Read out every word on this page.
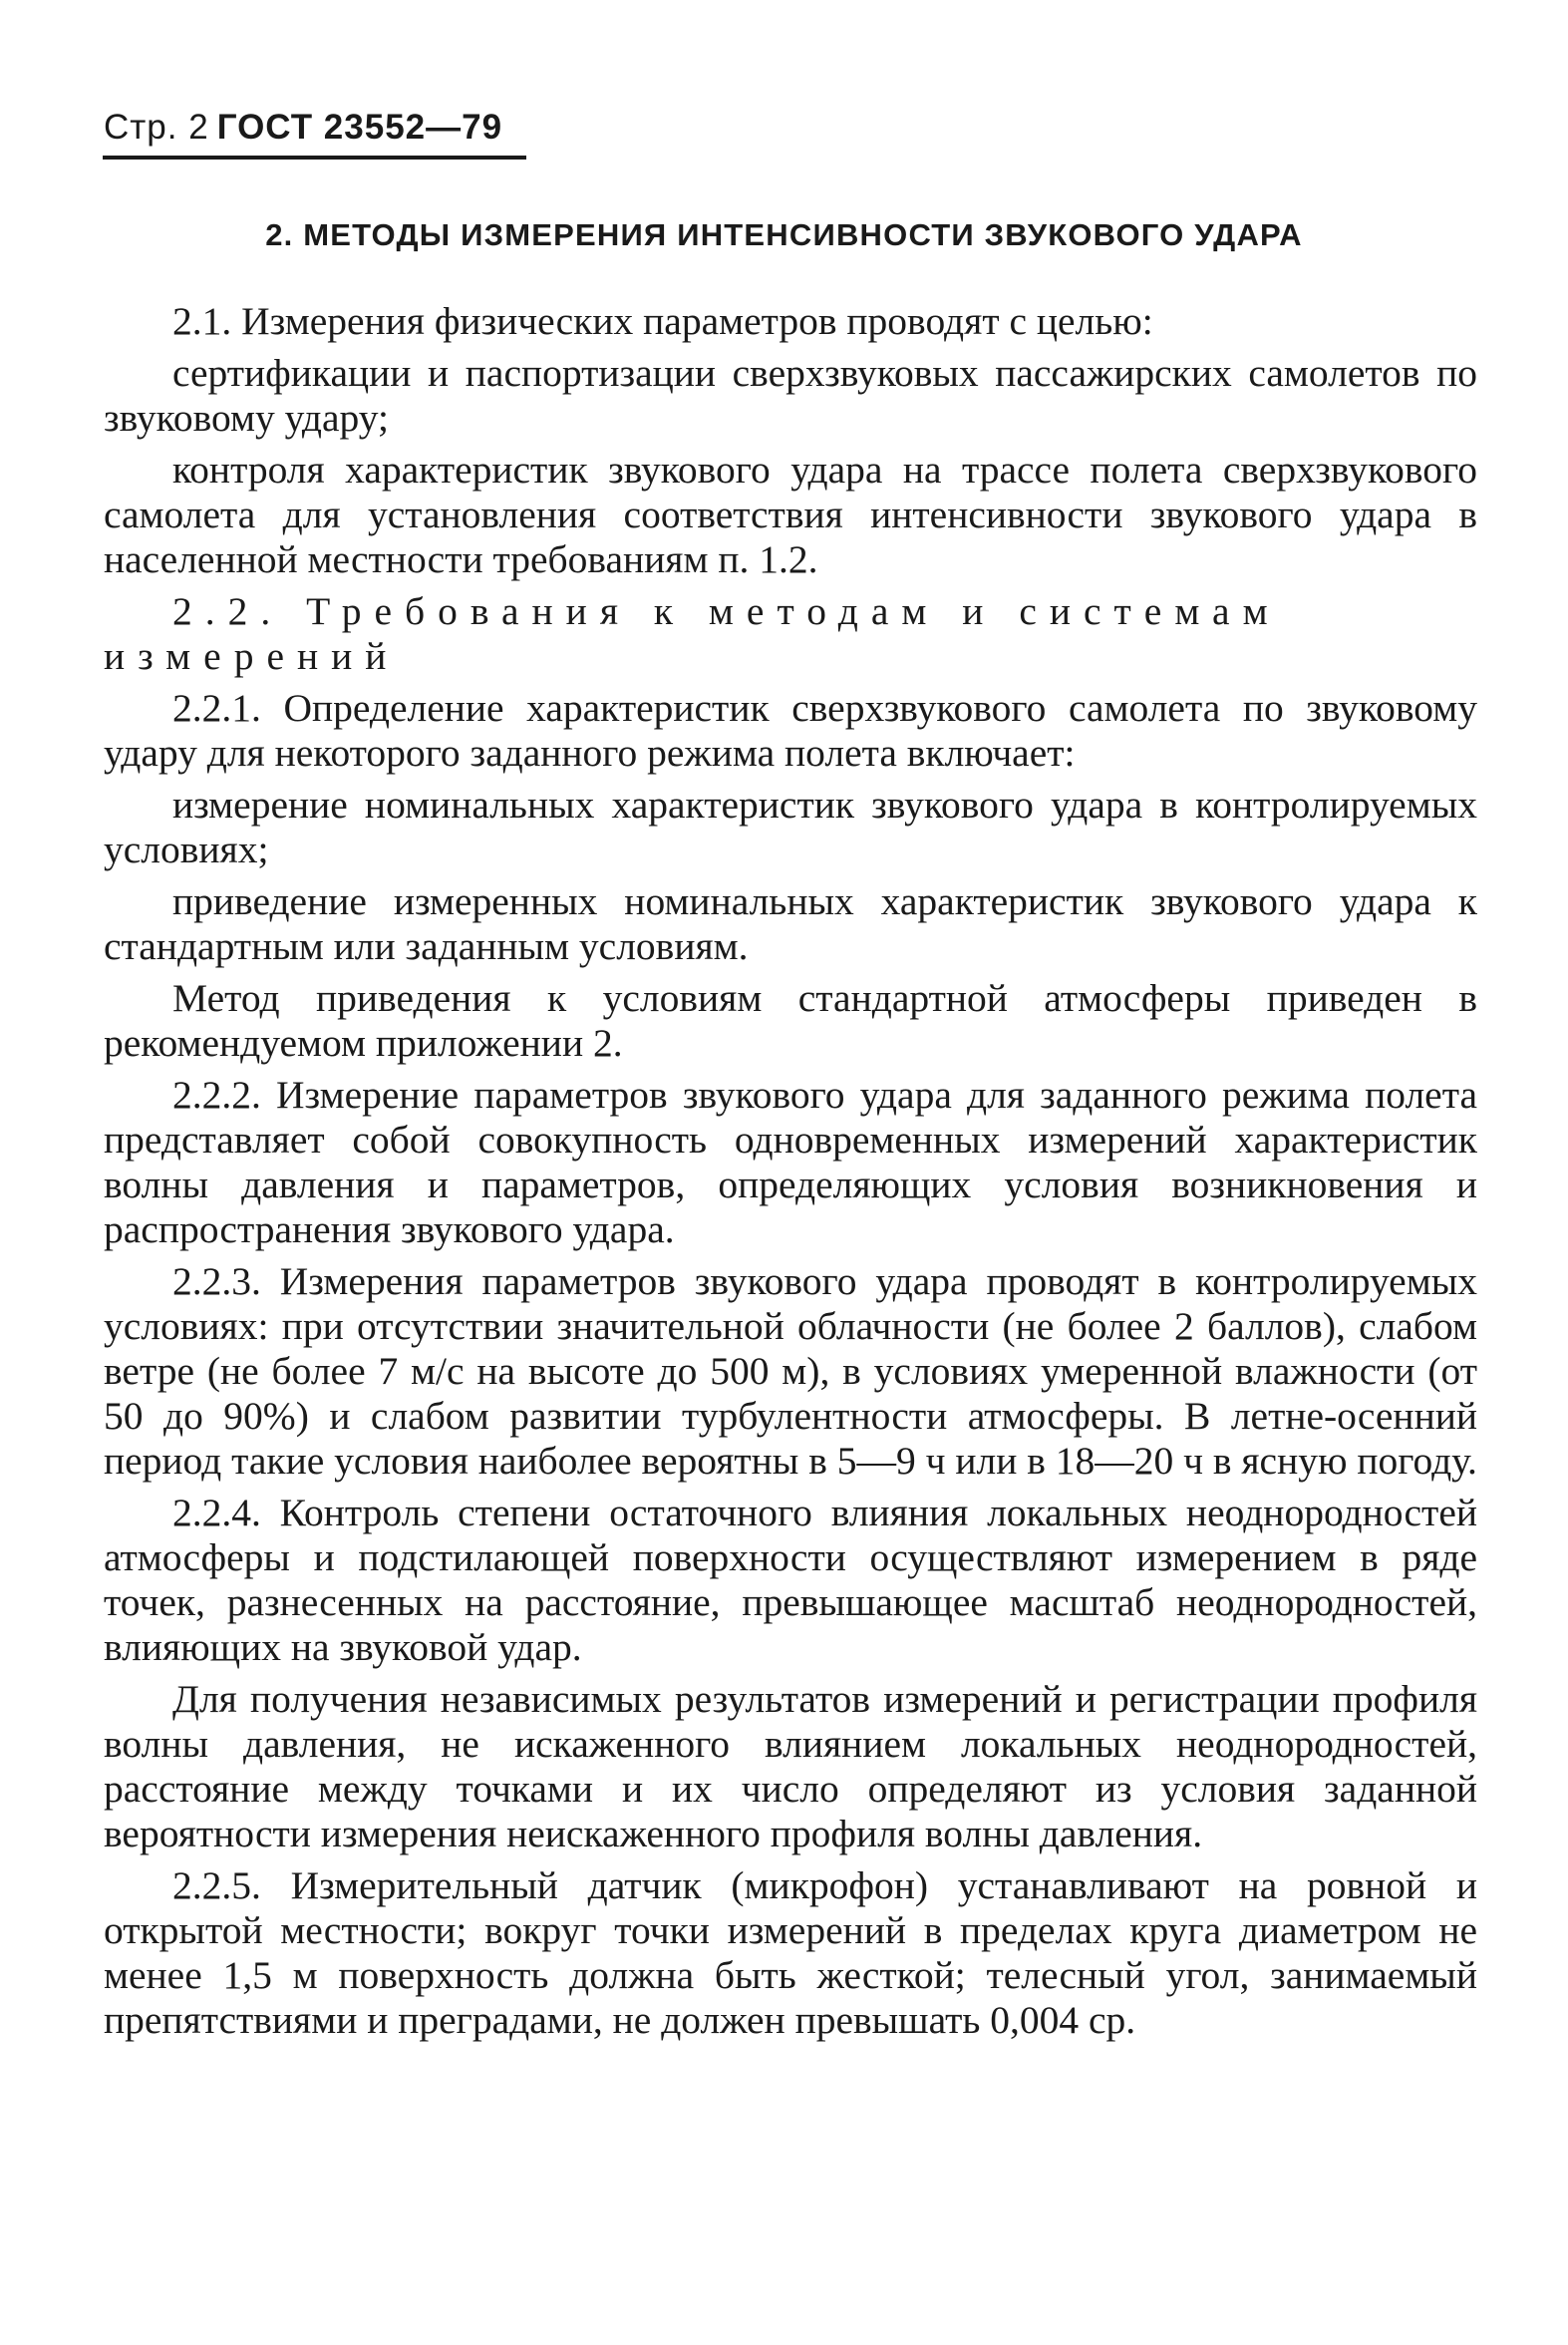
Стр. 2 ГОСТ 23552—79
2. МЕТОДЫ ИЗМЕРЕНИЯ ИНТЕНСИВНОСТИ ЗВУКОВОГО УДАРА

2.1. Измерения физических параметров проводят с целью:

сертификации и паспортизации сверхзвуковых пассажирских самолетов по звуковому удару;

контроля характеристик звукового удара на трассе полета сверхзвукового самолета для установления соответствия интенсивности звукового удара в населенной местности требованиям п. 1.2.

2.2. Требования к методам и системам измерений

2.2.1. Определение характеристик сверхзвукового самолета по звуковому удару для некоторого заданного режима полета включает:

измерение номинальных характеристик звукового удара в контролируемых условиях;

приведение измеренных номинальных характеристик звукового удара к стандартным или заданным условиям.

Метод приведения к условиям стандартной атмосферы приведен в рекомендуемом приложении 2.

2.2.2. Измерение параметров звукового удара для заданного режима полета представляет собой совокупность одновременных измерений характеристик волны давления и параметров, определяющих условия возникновения и распространения звукового удара.

2.2.3. Измерения параметров звукового удара проводят в контролируемых условиях: при отсутствии значительной облачности (не более 2 баллов), слабом ветре (не более 7 м/с на высоте до 500 м), в условиях умеренной влажности (от 50 до 90%) и слабом развитии турбулентности атмосферы. В летне-осенний период такие условия наиболее вероятны в 5—9 ч или в 18—20 ч в ясную погоду.

2.2.4. Контроль степени остаточного влияния локальных неоднородностей атмосферы и подстилающей поверхности осуществляют измерением в ряде точек, разнесенных на расстояние, превышающее масштаб неоднородностей, влияющих на звуковой удар.

Для получения независимых результатов измерений и регистрации профиля волны давления, не искаженного влиянием локальных неоднородностей, расстояние между точками и их число определяют из условия заданной вероятности измерения неискаженного профиля волны давления.

2.2.5. Измерительный датчик (микрофон) устанавливают на ровной и открытой местности; вокруг точки измерений в пределах круга диаметром не менее 1,5 м поверхность должна быть жесткой; телесный угол, занимаемый препятствиями и преградами, не должен превышать 0,004 ср.
